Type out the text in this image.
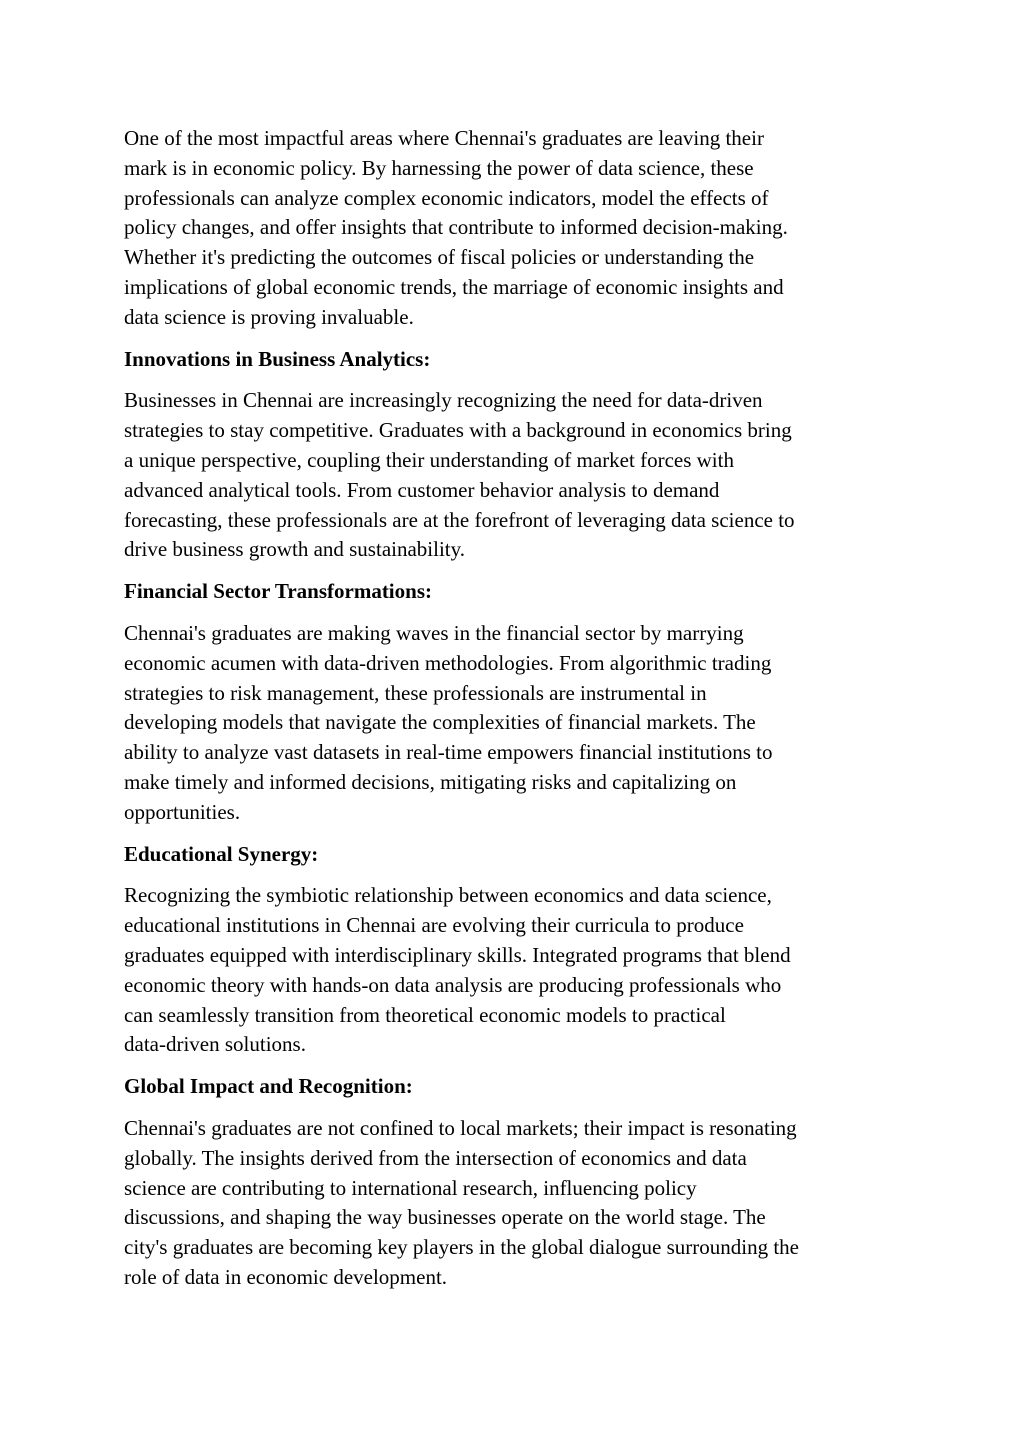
One of the most impactful areas where Chennai's graduates are leaving their
mark is in economic policy. By harnessing the power of data science, these
professionals can analyze complex economic indicators, model the effects of
policy changes, and offer insights that contribute to informed decision-making.
Whether it's predicting the outcomes of fiscal policies or understanding the
implications of global economic trends, the marriage of economic insights and
data science is proving invaluable.

Innovations in Business Analytics:

Businesses in Chennai are increasingly recognizing the need for data-driven
strategies to stay competitive. Graduates with a background in economics bring
a unique perspective, coupling their understanding of market forces with
advanced analytical tools. From customer behavior analysis to demand
forecasting, these professionals are at the forefront of leveraging data science to
drive business growth and sustainability.

Financial Sector Transformations:

Chennai's graduates are making waves in the financial sector by marrying
economic acumen with data-driven methodologies. From algorithmic trading
strategies to risk management, these professionals are instrumental in
developing models that navigate the complexities of financial markets. The
ability to analyze vast datasets in real-time empowers financial institutions to
make timely and informed decisions, mitigating risks and capitalizing on
opportunities.

Educational Synergy:

Recognizing the symbiotic relationship between economics and data science,
educational institutions in Chennai are evolving their curricula to produce
graduates equipped with interdisciplinary skills. Integrated programs that blend
economic theory with hands-on data analysis are producing professionals who
can seamlessly transition from theoretical economic models to practical
data-driven solutions.

Global Impact and Recognition:

Chennai's graduates are not confined to local markets; their impact is resonating
globally. The insights derived from the intersection of economics and data
science are contributing to international research, influencing policy
discussions, and shaping the way businesses operate on the world stage. The
city's graduates are becoming key players in the global dialogue surrounding the
role of data in economic development.
